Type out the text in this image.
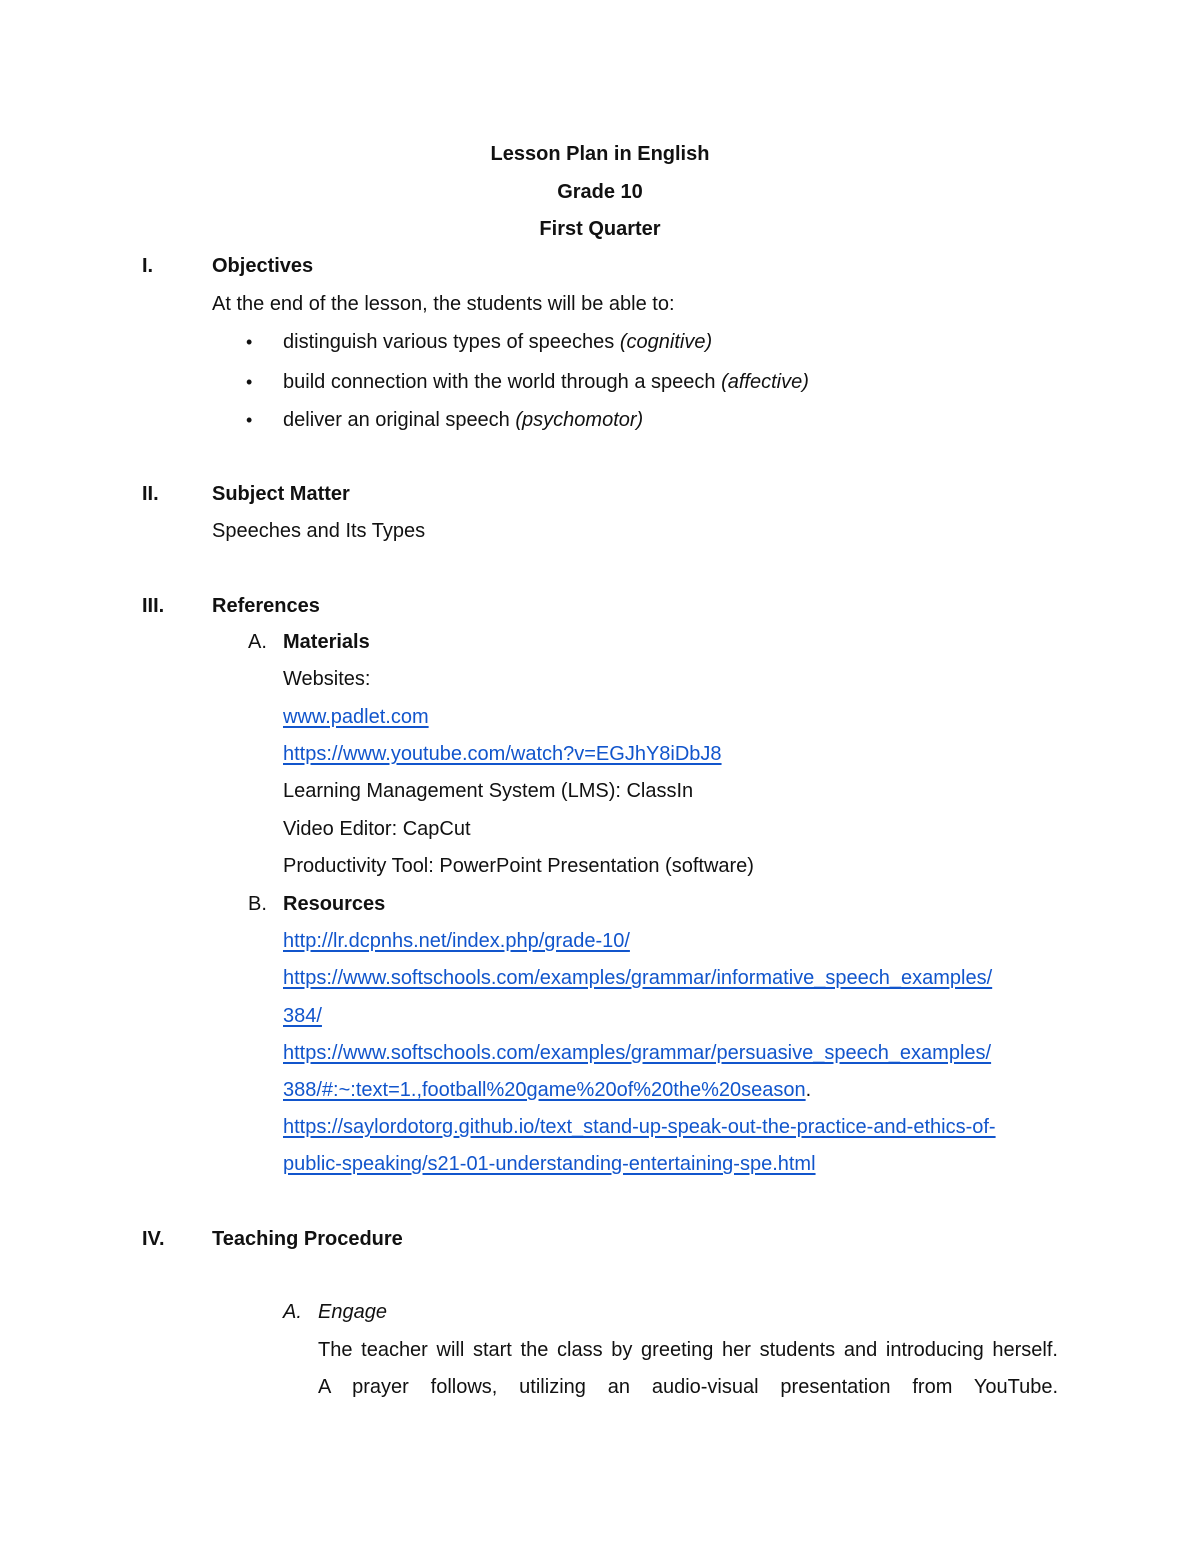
Lesson Plan in English
Grade 10
First Quarter
I.	Objectives
At the end of the lesson, the students will be able to:
•	distinguish various types of speeches (cognitive)
•	build connection with the world through a speech (affective)
•	deliver an original speech (psychomotor)
II.	Subject Matter
Speeches and Its Types
III. References
A. Materials
Websites:
www.padlet.com
https://www.youtube.com/watch?v=EGJhY8iDbJ8
Learning Management System (LMS): ClassIn
Video Editor: CapCut
Productivity Tool: PowerPoint Presentation (software)
B. Resources
http://lr.dcpnhs.net/index.php/grade-10/
https://www.softschools.com/examples/grammar/informative_speech_examples/
384/
https://www.softschools.com/examples/grammar/persuasive_speech_examples/
388/#:~:text=1.,football%20game%20of%20the%20season.
https://saylordotorg.github.io/text_stand-up-speak-out-the-practice-and-ethics-of-
public-speaking/s21-01-understanding-entertaining-spe.html
IV. Teaching Procedure
A. Engage
The teacher will start the class by greeting her students and introducing herself.
A prayer follows, utilizing an audio-visual presentation from YouTube.
